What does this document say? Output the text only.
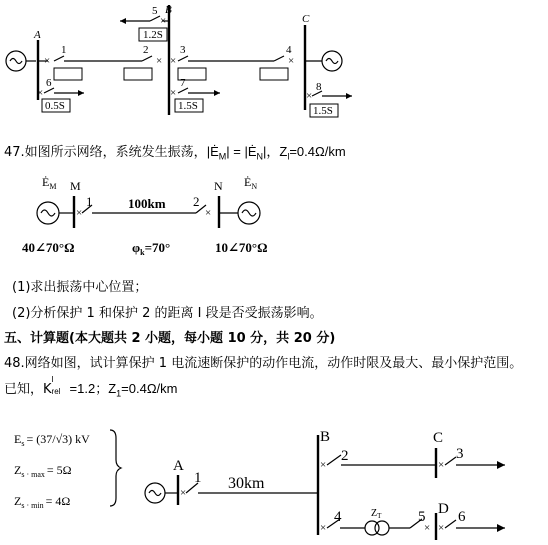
A
×
1	2
×
B
5
×
1.2S
×
3	4
×
C
×
6
0.5S
×
7
1.5S
×
8
1.5S
47.如图所示网络，系统发生振荡，$|Ė_M|$ = $|Ė_N|$，$Z_l=0.4\Omega/km$
$Ė_M$ M
×
1	100km 2
×
N $Ė_N$
40∠70°Ω	$\varphi_k=70^\circ$	10∠70°Ω
(1)求出振荡中心位置；
(2)分析保护 1 和保护 2 的距离 I 段是否受振荡影响。
五、计算题(本大题共 2 小题，每小题 10 分，共 20 分)
48.网络如图，试计算保护 1 电流速断保护的动作电流，动作时限及最大、最小保护范围。
已知，K
I
rel =1.2；$Z_1=0.4\Omega/km$
$E_s = (37/√3)$ kV
$Z_{s \cdot max} = 5\Omega$
$Z_{s \cdot min} = 4\Omega$
A
×
1 30km
B
×
2
C
×
3
×
4	$Z_T$ 5
×
D
×
6
